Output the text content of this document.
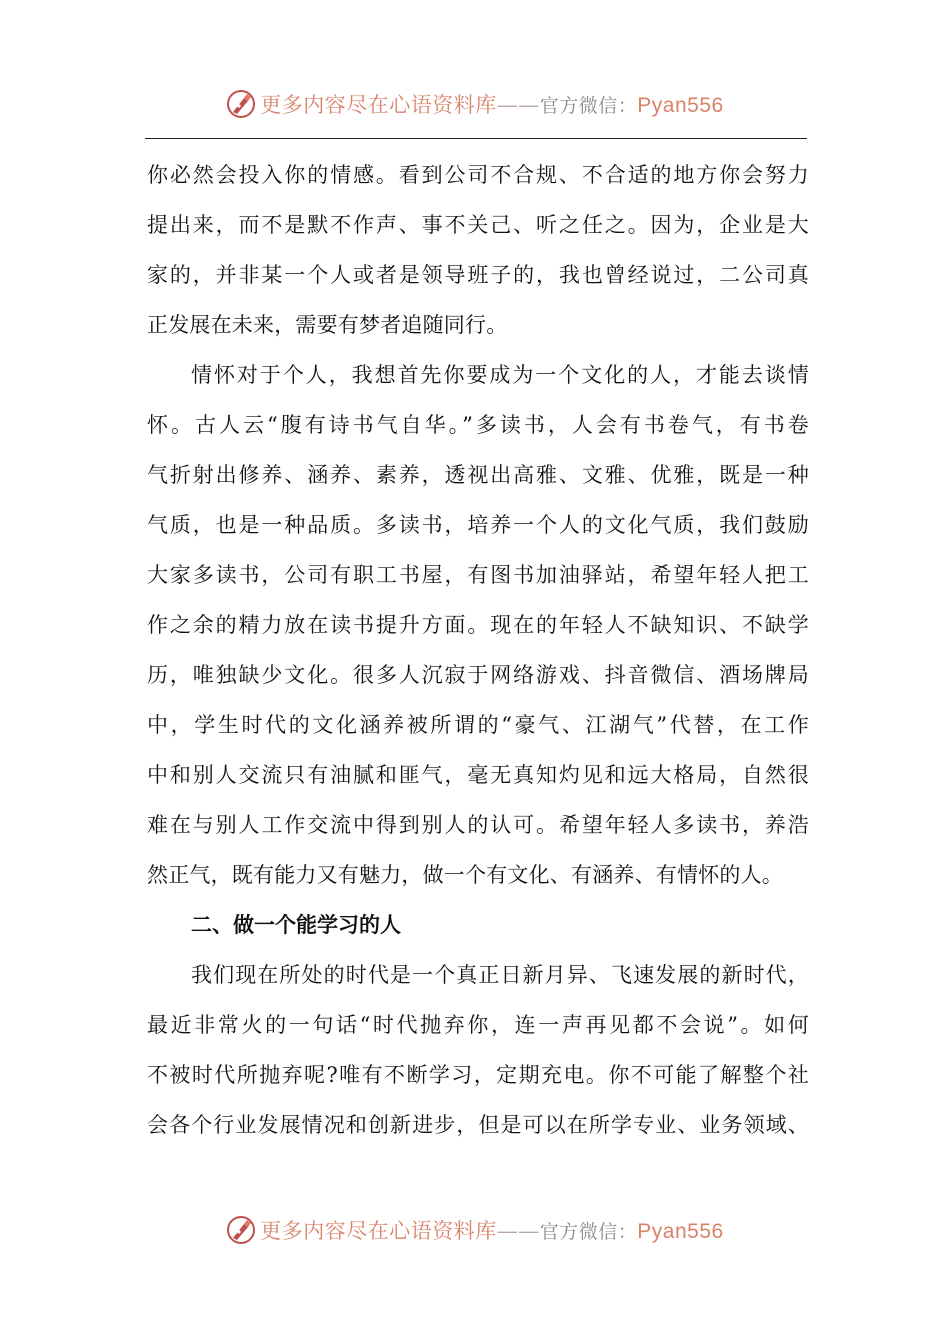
更多内容尽在心语资料库——官方微信：Pyan556
你必然会投入你的情感。看到公司不合规、不合适的地方你会努力
提出来，而不是默不作声、事不关己、听之任之。因为，企业是大
家的，并非某一个人或者是领导班子的，我也曾经说过，二公司真
正发展在未来，需要有梦者追随同行。
情怀对于个人，我想首先你要成为一个文化的人，才能去谈情
怀。古人云“腹有诗书气自华。”多读书，人会有书卷气，有书卷
气折射出修养、涵养、素养，透视出高雅、文雅、优雅，既是一种
气质，也是一种品质。多读书，培养一个人的文化气质，我们鼓励
大家多读书，公司有职工书屋，有图书加油驿站，希望年轻人把工
作之余的精力放在读书提升方面。现在的年轻人不缺知识、不缺学
历，唯独缺少文化。很多人沉寂于网络游戏、抖音微信、酒场牌局
中，学生时代的文化涵养被所谓的“豪气、江湖气”代替，在工作
中和别人交流只有油腻和匪气，毫无真知灼见和远大格局，自然很
难在与别人工作交流中得到别人的认可。希望年轻人多读书，养浩
然正气，既有能力又有魅力，做一个有文化、有涵养、有情怀的人。
二、做一个能学习的人
我们现在所处的时代是一个真正日新月异、飞速发展的新时代，
最近非常火的一句话“时代抛弃你，连一声再见都不会说”。如何
不被时代所抛弃呢?唯有不断学习，定期充电。你不可能了解整个社
会各个行业发展情况和创新进步，但是可以在所学专业、业务领域、
更多内容尽在心语资料库——官方微信：Pyan556
